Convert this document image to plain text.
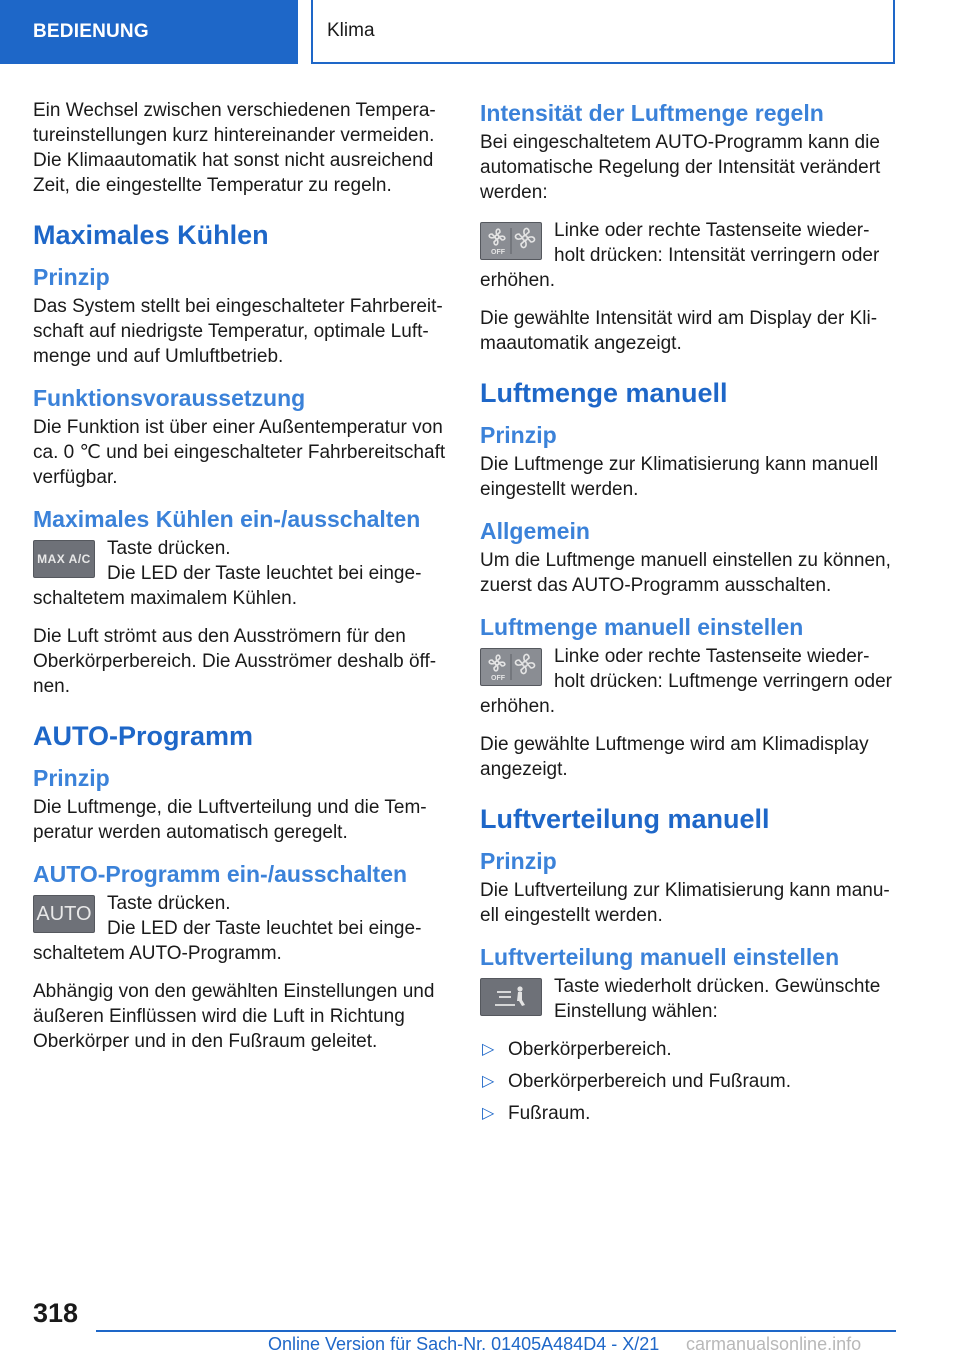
BEDIENUNG	Klima

Ein Wechsel zwischen verschiedenen Tempera-tureinstellungen kurz hintereinander vermeiden. Die Klimaautomatik hat sonst nicht ausreichend Zeit, die eingestellte Temperatur zu regeln.

Maximales Kühlen
Prinzip

Das System stellt bei eingeschalteter Fahrbereit-schaft auf niedrigste Temperatur, optimale Luft-menge und auf Umluftbetrieb.

Funktionsvoraussetzung

Die Funktion ist über einer Außentemperatur von ca. 0 ℃ und bei eingeschalteter Fahrbereitschaft verfügbar.

Maximales Kühlen ein-/ausschalten
MAX A/C Taste drücken.
Die LED der Taste leuchtet bei einge-schaltetem maximalem Kühlen.

Die Luft strömt aus den Ausströmern für den Oberkörperbereich. Die Ausströmer deshalb öff-nen.

AUTO-Programm
Prinzip

Die Luftmenge, die Luftverteilung und die Tem-peratur werden automatisch geregelt.

AUTO-Programm ein-/ausschalten
AUTO Taste drücken.
Die LED der Taste leuchtet bei einge-schaltetem AUTO-Programm.

Abhängig von den gewählten Einstellungen und äußeren Einflüssen wird die Luft in Richtung Oberkörper und in den Fußraum geleitet.

Intensität der Luftmenge regeln

Bei eingeschaltetem AUTO-Programm kann die automatische Regelung der Intensität verändert werden:

OFF
Linke oder rechte Tastenseite wieder-holt drücken: Intensität verringern oder erhöhen.

Die gewählte Intensität wird am Display der Kli-maautomatik angezeigt.

Luftmenge manuell
Prinzip

Die Luftmenge zur Klimatisierung kann manuell eingestellt werden.

Allgemein

Um die Luftmenge manuell einstellen zu können, zuerst das AUTO-Programm ausschalten.

Luftmenge manuell einstellen
OFF
Linke oder rechte Tastenseite wieder-holt drücken: Luftmenge verringern oder erhöhen.

Die gewählte Luftmenge wird am Klimadisplay angezeigt.

Luftverteilung manuell
Prinzip

Die Luftverteilung zur Klimatisierung kann manu-ell eingestellt werden.

Luftverteilung manuell einstellen
Taste wiederholt drücken. Gewünschte Einstellung wählen:
▷ Oberkörperbereich.
▷ Oberkörperbereich und Fußraum.
▷ Fußraum.
318
Online Version für Sach-Nr. 01405A484D4 - X/21 carmanualsonline.info
